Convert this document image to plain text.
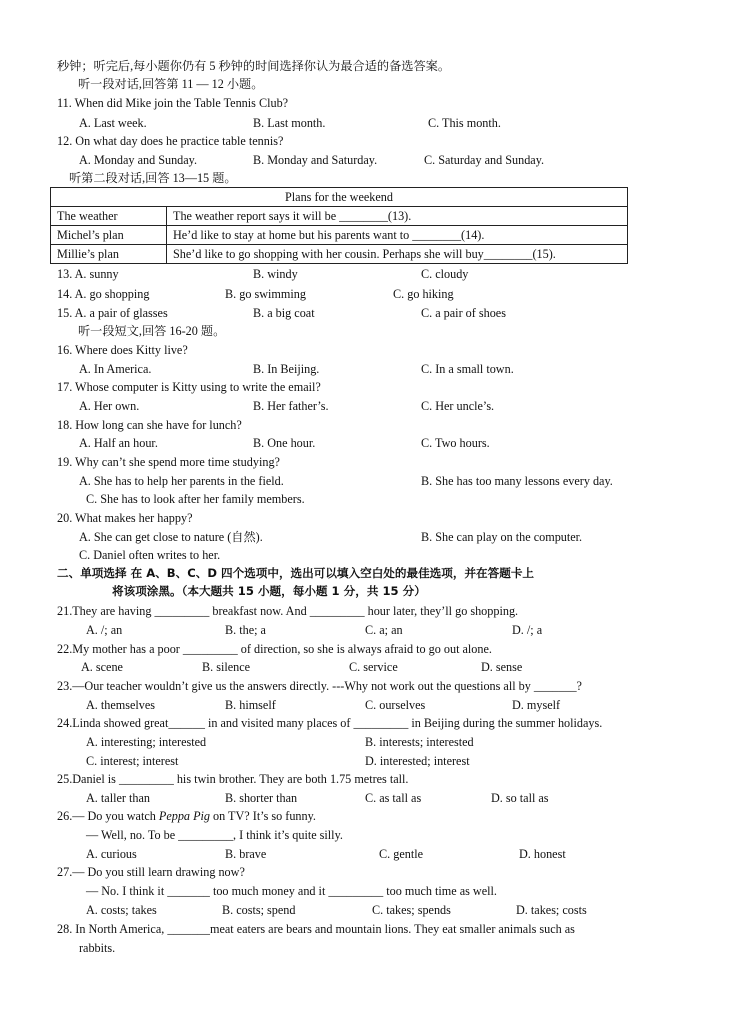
秒钟；听完后,每小题你仍有 5 秒钟的时间选择你认为最合适的备选答案。
听一段对话,回答第 11 — 12 小题。
11. When did Mike join the Table Tennis Club?
A. Last week.	B. Last month.	C. This month.
12. On what day does he practice table tennis?
A. Monday and Sunday.	B. Monday and Saturday.	C. Saturday and Sunday.
听第二段对话,回答 13—15 题。
Plans for the weekend	
The weather	The weather report says it will be ________(13).
Michel’s plan	He’d like to stay at home but his parents want to ________(14).
Millie’s plan	She’d like to go shopping with her cousin. Perhaps she will buy________(15).
13. A. sunny	B. windy	C. cloudy
14. A. go shopping	B. go swimming	C. go hiking
15. A. a pair of glasses	B. a big coat	C. a pair of shoes
听一段短文,回答 16-20 题。
16. Where does Kitty live?
A. In America.	B. In Beijing.	C. In a small town.
17. Whose computer is Kitty using to write the email?
A. Her own.	B. Her father’s.	C. Her uncle’s.
18. How long can she have for lunch?
A. Half an hour.	B. One hour.	C. Two hours.
19. Why can’t she spend more time studying?
A. She has to help her parents in the field.	B. She has too many lessons every day.
C. She has to look after her family members.
20. What makes her happy?
A. She can get close to nature (自然).	B. She can play on the computer.
C. Daniel often writes to her.
二、单项选择 在 A、B、C、D 四个选项中，选出可以填入空白处的最佳选项，并在答题卡上
将该项涂黑。（本大题共 15 小题，每小题 1 分，共 15 分）
21.They are having _________ breakfast now. And _________ hour later, they’ll go shopping.
A. /; an	B. the; a	C. a; an	D. /; a
22.My mother has a poor _________ of direction, so she is always afraid to go out alone.
A. scene	B. silence	C. service	D. sense
23.—Our teacher wouldn’t give us the answers directly. ---Why not work out the questions all by _______?
A. themselves	B. himself	C. ourselves	D. myself
24.Linda showed great______ in and visited many places of _________ in Beijing during the summer holidays.
A. interesting; interested	B. interests; interested
C. interest; interest	D. interested; interest
25.Daniel is _________ his twin brother. They are both 1.75 metres tall.
A. taller than	B. shorter than	C. as tall as	D. so tall as
26.— Do you watch Peppa Pig on TV? It’s so funny.
— Well, no. To be _________, I think it’s quite silly.
A. curious	B. brave	C. gentle	D. honest
27.— Do you still learn drawing now?
— No. I think it _______ too much money and it _________ too much time as well.
A. costs; takes	B. costs; spend	C. takes; spends	D. takes; costs
28. In North America, _______meat eaters are bears and mountain lions. They eat smaller animals such as
rabbits.
